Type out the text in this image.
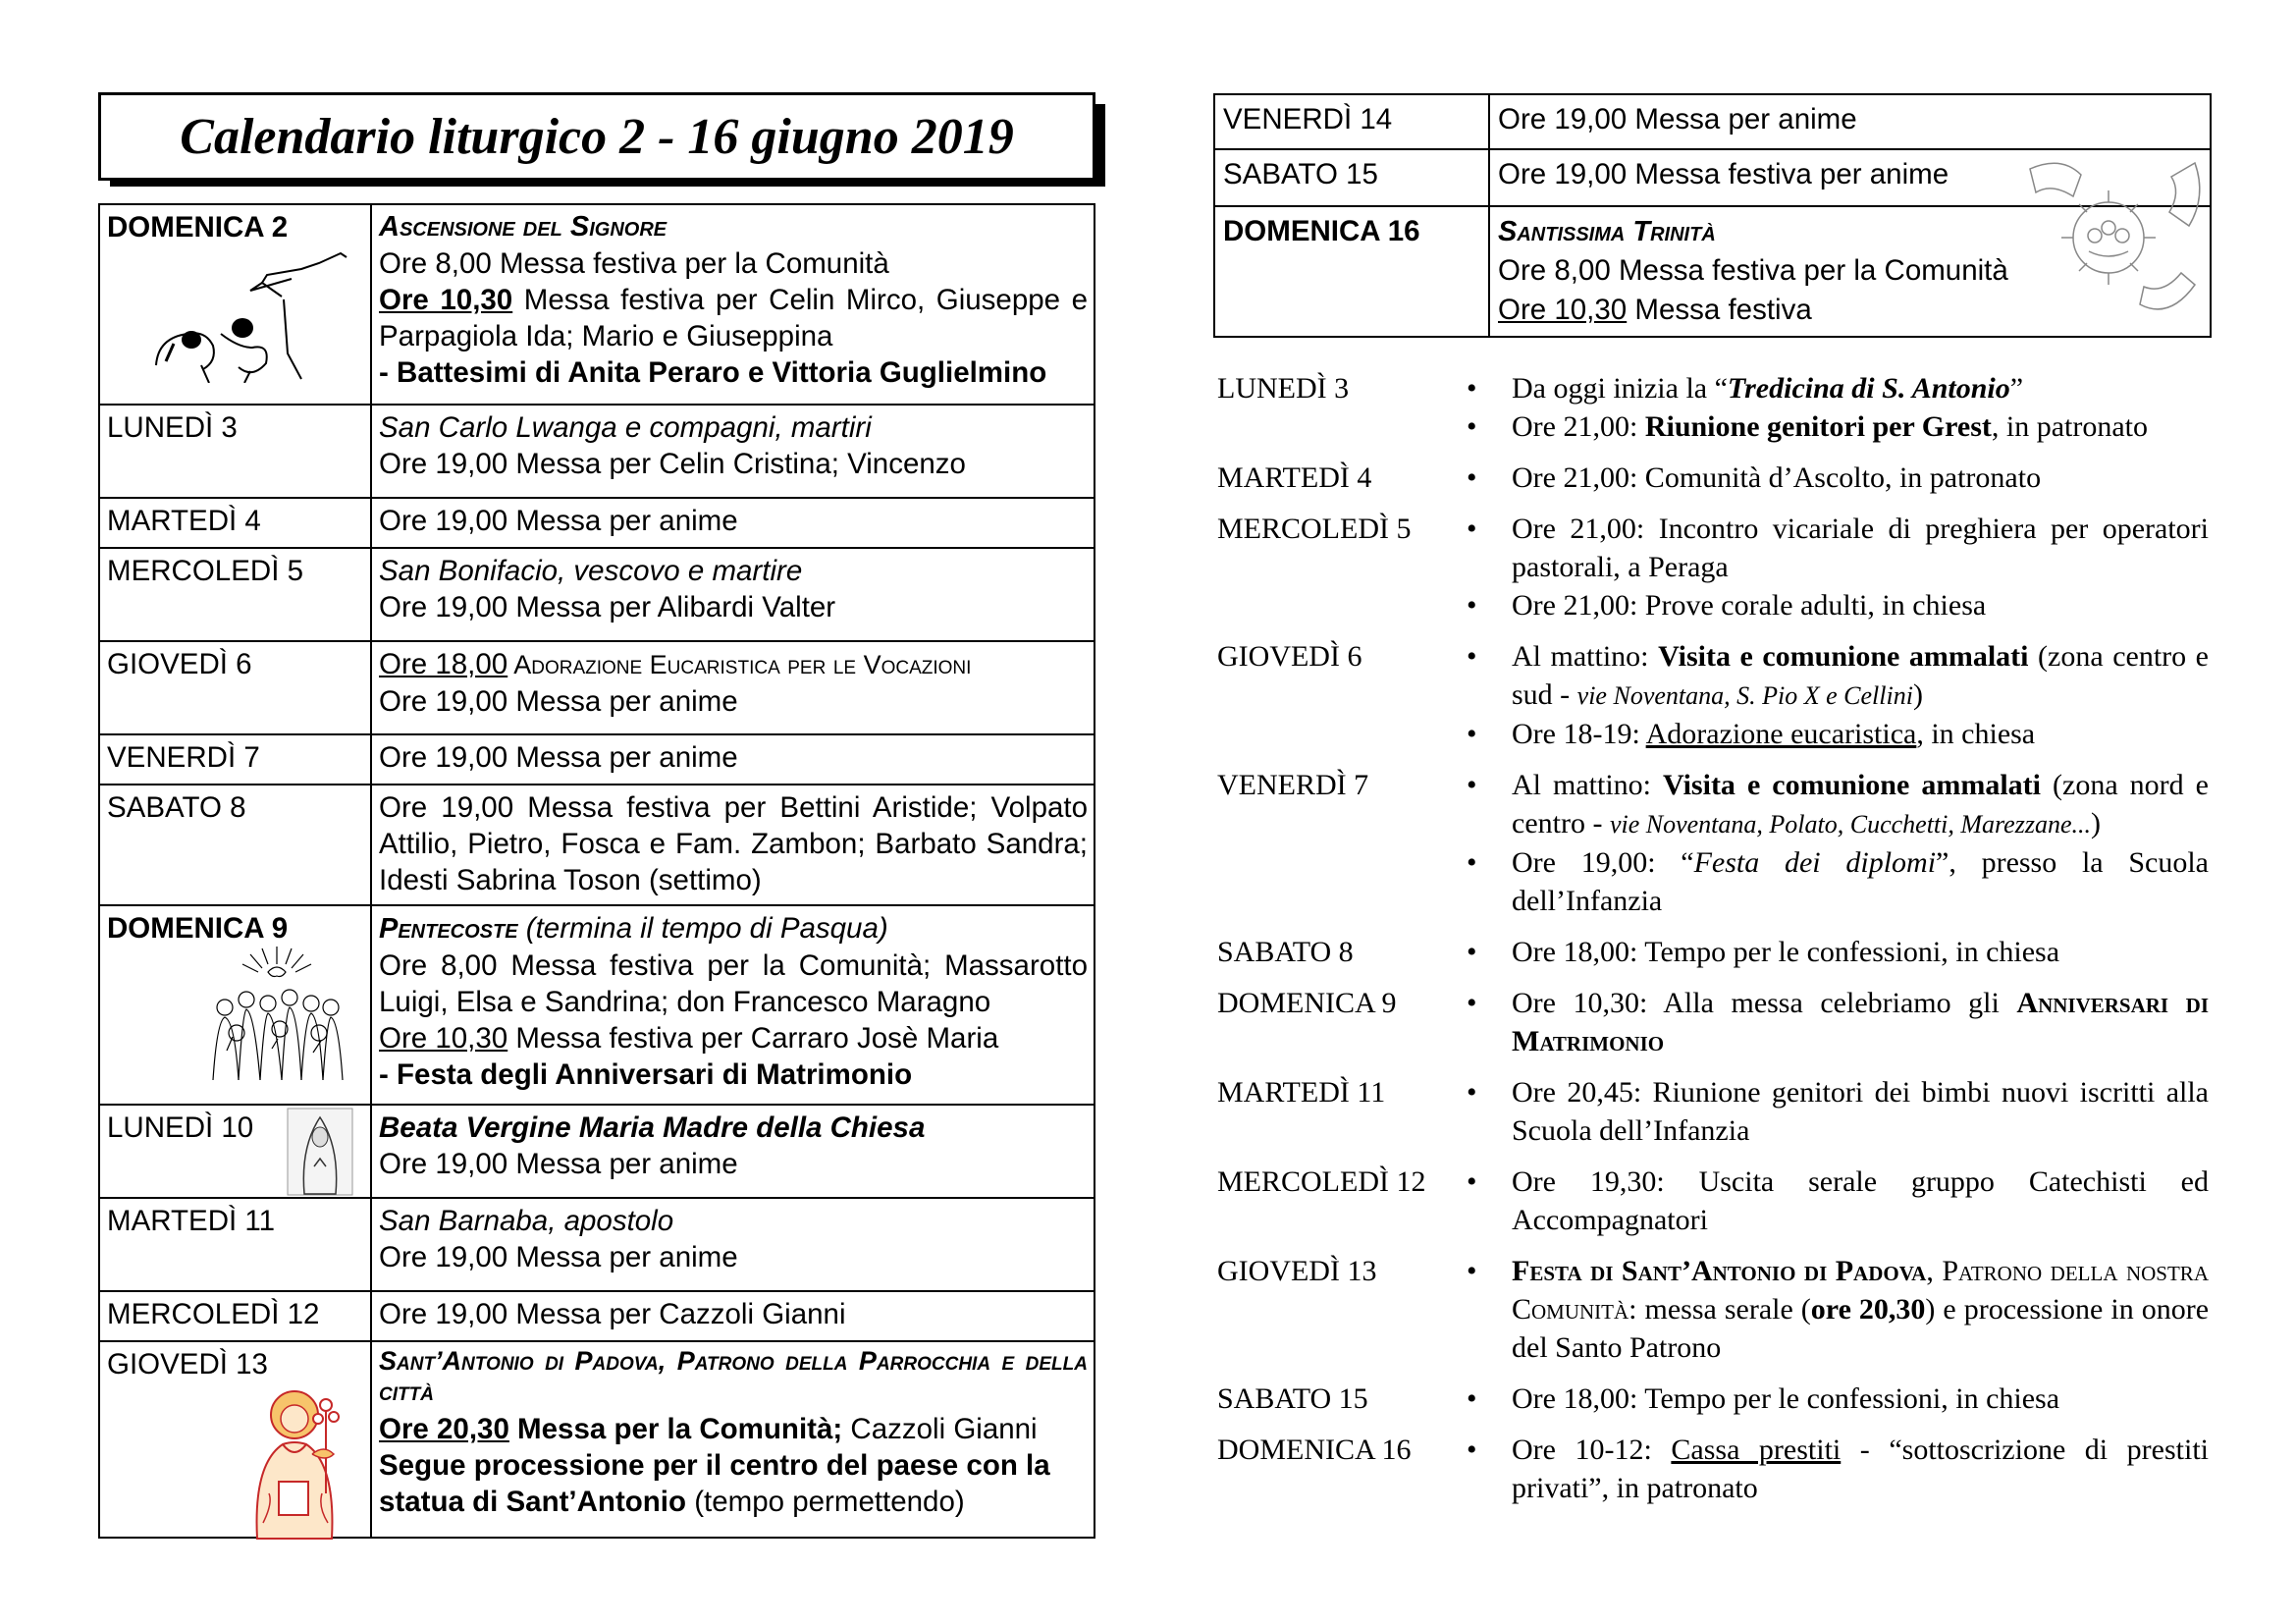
Calendario liturgico 2 - 16 giugno 2019
DOMENICA 2	Ascensione del Signore
Ore 8,00 Messa festiva per la Comunità
Ore 10,30 Messa festiva per Celin Mirco, Giuseppe e Parpagiola Ida; Mario e Giuseppina
- Battesimi di Anita Peraro e Vittoria Guglielmino

LUNEDÌ 3	San Carlo Lwanga e compagni, martiri
Ore 19,00 Messa per Celin Cristina; Vincenzo

MARTEDÌ 4	Ore 19,00 Messa per anime
MERCOLEDÌ 5	San Bonifacio, vescovo e martire
Ore 19,00 Messa per Alibardi Valter

GIOVEDÌ 6	Ore 18,00 Adorazione Eucaristica per le Vocazioni
Ore 19,00 Messa per anime

VENERDÌ 7	Ore 19,00 Messa per anime
SABATO 8	Ore 19,00 Messa festiva per Bettini Aristide; Volpato Attilio, Pietro, Fosca e Fam. Zambon; Barbato Sandra; Idesti Sabrina Toson (settimo)

DOMENICA 9	Pentecoste (termina il tempo di Pasqua)
Ore 8,00 Messa festiva per la Comunità; Massarotto Luigi, Elsa e Sandrina; don Francesco Maragno
Ore 10,30 Messa festiva per Carraro Josè Maria
- Festa degli Anniversari di Matrimonio

LUNEDÌ 10	Beata Vergine Maria Madre della Chiesa
Ore 19,00 Messa per anime

MARTEDÌ 11	San Barnaba, apostolo
Ore 19,00 Messa per anime

MERCOLEDÌ 12	Ore 19,00 Messa per Cazzoli Gianni

GIOVEDÌ 13	Sant’Antonio di Padova, Patrono della Parrocchia e della città
Ore 20,30 Messa per la Comunità; Cazzoli Gianni
Segue processione per il centro del paese con la statua di Sant’Antonio (tempo permettendo)
VENERDÌ 14	Ore 19,00 Messa per anime
SABATO 15	Ore 19,00 Messa festiva per anime
DOMENICA 16	Santissima Trinità
Ore 8,00 Messa festiva per la Comunità
Ore 10,30 Messa festiva
LUNEDÌ 3	• Da oggi inizia la “Tredicina di S. Antonio”
• Ore 21,00: Riunione genitori per Grest, in patronato
MARTEDÌ 4	• Ore 21,00: Comunità d’Ascolto, in patronato
MERCOLEDÌ 5	• Ore 21,00: Incontro vicariale di preghiera per operatori pastorali, a Peraga
• Ore 21,00: Prove corale adulti, in chiesa
GIOVEDÌ 6	• Al mattino: Visita e comunione ammalati (zona centro e sud - vie Noventana, S. Pio X e Cellini)
• Ore 18-19: Adorazione eucaristica, in chiesa
VENERDÌ 7	• Al mattino: Visita e comunione ammalati (zona nord e centro - vie Noventana, Polato, Cucchetti, Marezzane...)
• Ore 19,00: “Festa dei diplomi”, presso la Scuola dell’Infanzia
SABATO 8	• Ore 18,00: Tempo per le confessioni, in chiesa
DOMENICA 9	• Ore 10,30: Alla messa celebriamo gli Anniversari di Matrimonio
MARTEDÌ 11	• Ore 20,45: Riunione genitori dei bimbi nuovi iscritti alla Scuola dell’Infanzia
MERCOLEDÌ 12	• Ore 19,30: Uscita serale gruppo Catechisti ed Accompagnatori
GIOVEDÌ 13	• Festa di Sant’Antonio di Padova, Patrono della nostra Comunità: messa serale (ore 20,30) e processione in onore del Santo Patrono
SABATO 15	• Ore 18,00: Tempo per le confessioni, in chiesa
DOMENICA 16	• Ore 10-12: Cassa prestiti - “sottoscrizione di prestiti privati”, in patronato
